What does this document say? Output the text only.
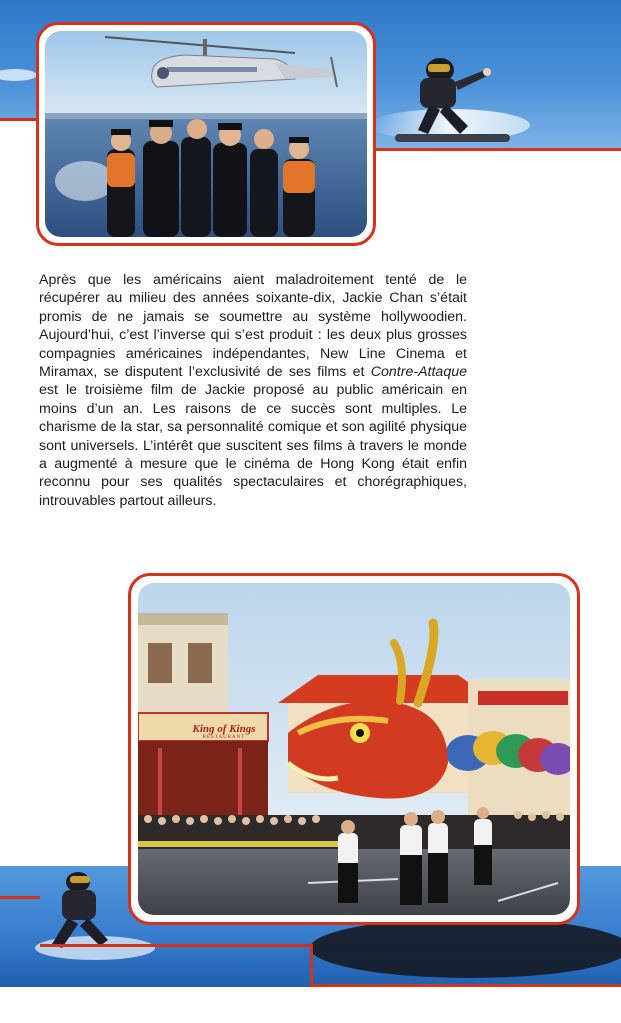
Après que les américains aient maladroitement tenté de le récupérer au milieu des années soixante-dix, Jackie Chan s’était promis de ne jamais se soumettre au système hollywoodien. Aujourd’hui, c’est l’inverse qui s’est produit : les deux plus grosses compagnies américaines indépendantes, New Line Cinema et Miramax, se disputent l’exclusivité de ses films et Contre-Attaque est le troisième film de Jackie proposé au public américain en moins d’un an. Les raisons de ce succès sont multiples. Le charisme de la star, sa personnalité comique et son agilité physique sont universels. L’intérêt que suscitent ses films à travers le monde a augmenté à mesure que le cinéma de Hong Kong était enfin reconnu pour ses qualités spectaculaires et chorégraphiques, introuvables partout ailleurs.

King of Kings
RESTAURANT
